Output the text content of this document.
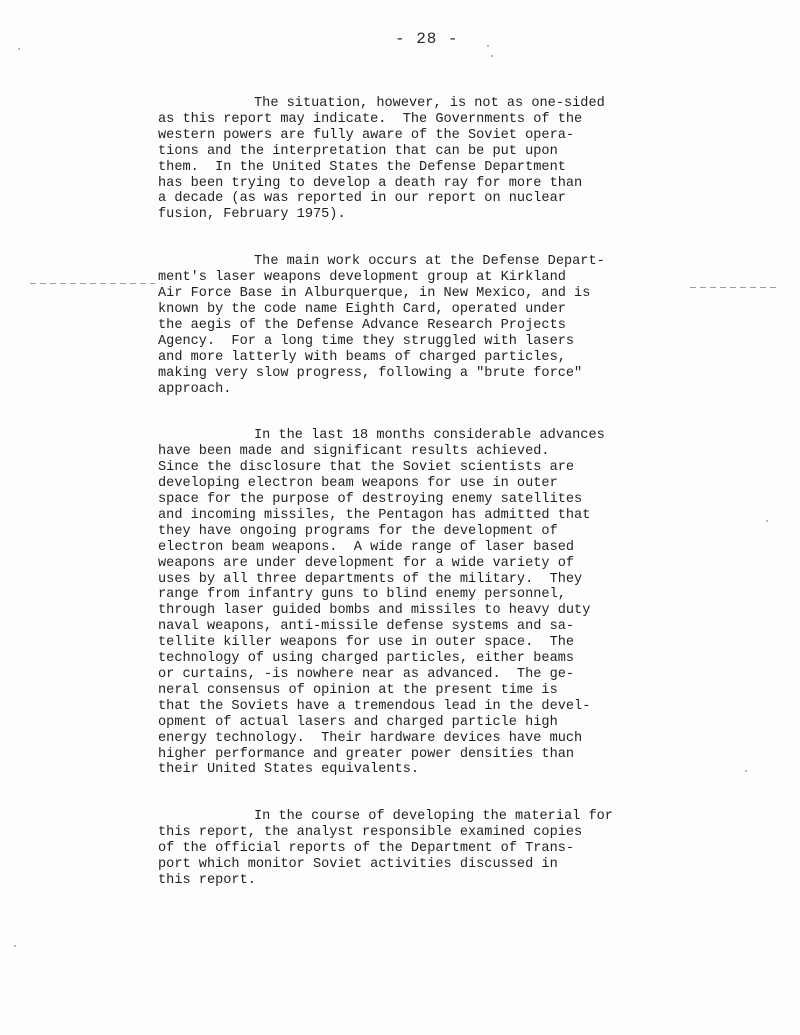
- 28 -
The situation, however, is not as one-sided
as this report may indicate.  The Governments of the
western powers are fully aware of the Soviet opera-
tions and the interpretation that can be put upon
them.  In the United States the Defense Department
has been trying to develop a death ray for more than
a decade (as was reported in our report on nuclear
fusion, February 1975).
The main work occurs at the Defense Depart-
ment's laser weapons development group at Kirkland
Air Force Base in Alburquerque, in New Mexico, and is
known by the code name Eighth Card, operated under
the aegis of the Defense Advance Research Projects
Agency.  For a long time they struggled with lasers
and more latterly with beams of charged particles,
making very slow progress, following a "brute force"
approach.
In the last 18 months considerable advances
have been made and significant results achieved.
Since the disclosure that the Soviet scientists are
developing electron beam weapons for use in outer
space for the purpose of destroying enemy satellites
and incoming missiles, the Pentagon has admitted that
they have ongoing programs for the development of
electron beam weapons.  A wide range of laser based
weapons are under development for a wide variety of
uses by all three departments of the military.  They
range from infantry guns to blind enemy personnel,
through laser guided bombs and missiles to heavy duty
naval weapons, anti-missile defense systems and sa-
tellite killer weapons for use in outer space.  The
technology of using charged particles, either beams
or curtains, -is nowhere near as advanced.  The ge-
neral consensus of opinion at the present time is
that the Soviets have a tremendous lead in the devel-
opment of actual lasers and charged particle high
energy technology.  Their hardware devices have much
higher performance and greater power densities than
their United States equivalents.
In the course of developing the material for
this report, the analyst responsible examined copies
of the official reports of the Department of Trans-
port which monitor Soviet activities discussed in
this report.
